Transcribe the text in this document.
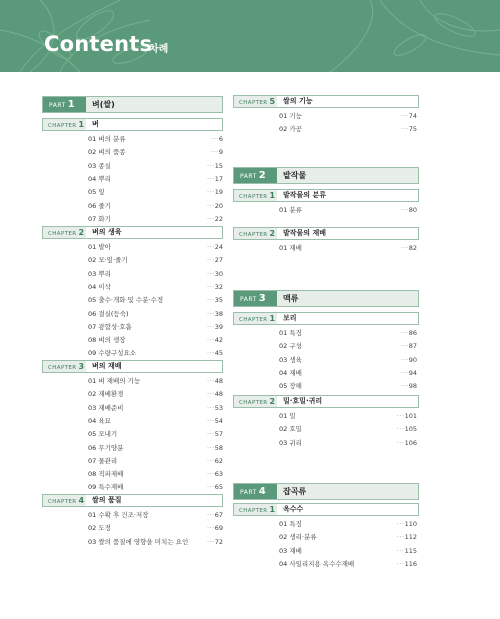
Contents
차례
PART 1	벼(쌀)
CHAPTER 1 벼
01 벼의 분류	···6
02 벼의 품종	···9
03 종실	···15
04 뿌리	···17
05 잎	···19
06 줄기	···20
07 화기	···22
CHAPTER 2 벼의 생육
01 발아	···24
02 모·잎·줄기	···27
03 뿌리	···30
04 이삭	···32
05 출수·개화 및 수분·수정	···35
06 결실(등숙)	···38
07 광합성·호흡	···39
08 벼의 생장	···42
09 수량구성요소	···45
CHAPTER 3 벼의 재배
01 벼 재배의 기능	···48
02 재배환경	···48
03 재배준비	···53
04 육묘	···54
05 모내기	···57
06 무기양분	···58
07 물관리	···62
08 직파재배	···63
09 특수재배	···65
CHAPTER 4 쌀의 품질
01 수확 후 건조·저장	···67
02 도정	···69
03 쌀의 품질에 영향을 미치는 요인	···72
CHAPTER 5 쌀의 기능
01 기능	···74
02 가공	···75
PART 2	밭작물
CHAPTER 1 밭작물의 분류
01 분류	···80
CHAPTER 2 밭작물의 재배
01 재배	···82
PART 3	맥류
CHAPTER 1 보리
01 특징	···86
02 구성	···87
03 생육	···90
04 재배	···94
05 장해	···98
CHAPTER 2 밀·호밀·귀리
01 밀	···101
02 호밀	···105
03 귀리	···106
PART 4	잡곡류
CHAPTER 1 옥수수
01 특징	···110
02 생리·분류	···112
03 재배	···115
04 사일리지용 옥수수재배	···116
